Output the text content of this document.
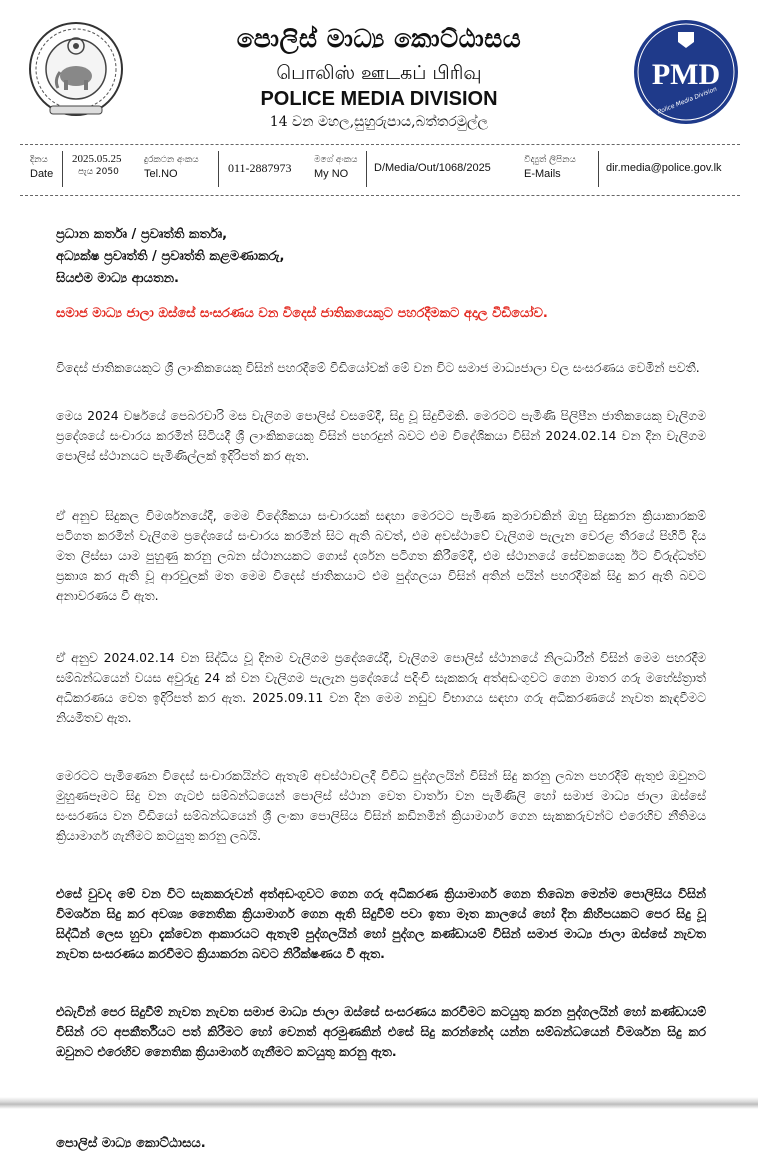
පොලිස් මාධ්‍ය කොට්ඨාසය
பொலிஸ் ஊடகப் பிரிவு
POLICE MEDIA DIVISION
14 වන මහල,සුහුරුපාය,බත්තරමුල්ල
PMD
Police Media Division
දිනය
Date
2025.05.25
පැය 2050
දුරකථන අංකය
Tel.NO	011-2887973
මගේ අංකය
My NO	D/Media/Out/1068/2025
විද්‍යුත් ලිපිනය
E-Mails	dir.media@police.gov.lk
ප්‍රධාන කර්තෘ / ප්‍රවෘත්ති කර්තෘ,
අධ්‍යක්ෂ ප්‍රවෘත්ති / ප්‍රවෘත්ති කළමණාකරු,
සියළුම මාධ්‍ය ආයතන.
සමාජ මාධ්‍ය ජාලා ඔස්සේ සංසරණය වන විදෙස් ජාතිකයෙකුට පහරදීමකට අදාල වීඩියෝව.
විදෙස් ජාතිකයෙකුට ශ්‍රී ලාංකිකයෙකු විසින් පහරදීමේ වීඩියෝවක් මේ වන විට සමාජ මාධ්‍යජාලා වල සංසරණය වෙමින් පවතී.
මෙය 2024 වර්ෂයේ පෙබරවාරි මස වැලිගම පොලිස් වසමේදී, සිදු වූ සිදුවීමකි. මෙරටට පැමිණි පිලිපීන ජාතිකයෙකු වැලිගම ප්‍රදේශයේ සංචාරය කරමින් සිටියදී ශ්‍රී ලාංකිකයෙකු විසින් පහරදුන් බවට එම විදේශිකයා විසින් 2024.02.14 වන දින වැලිගම පොලිස් ස්ථානයට පැමිණිල්ලක් ඉදිරිපත් කර ඇත.
ඒ අනුව සිදුකල විමර්ශනයේදී, මෙම විදේශිකයා සංචාරයක් සඳහා මෙරටට පැමිණ කුමරාවකින් ඔහු සිදුකරන ක්‍රියාකාරකම් පටිගත කරමින් වැලිගම ප්‍රදේශයේ සංචාරය කරමින් සිට ඇති බවත්, එම අවස්ථාවේ වැලිගම පැලැන වෙරළ තීරයේ පිහිටි දිය මත ලිස්සා යාම පුහුණු කරනු ලබන ස්ථානයකට ගොස් දර්ශන පටිගත කිරීමේදී, එම ස්ථානයේ සේවකයෙකු ඊට විරුද්ධත්ව ප්‍රකාශ කර ඇති වූ ආරවුලක් මත මෙම විදෙස් ජාතිකයාට එම පුද්ගලයා විසින් අතින් පයින් පහරදීමක් සිදු කර ඇති බවට අනාවරණය වී ඇත.
ඒ අනුව 2024.02.14 වන සිද්ධිය වූ දිනම වැලිගම ප්‍රදේශයේදී, වැලිගම පොලිස් ස්ථානයේ නිලධාරීන් විසින් මෙම පහරදීම සම්බන්ධයෙන් වයස අවුරුදු 24 ක් වන වැලිගම පැලැන ප්‍රදේශයේ පදිංචි සැකකරු අත්අඩංගුවට ගෙන මාතර ගරු මහේස්ත්‍රාත් අධිකරණය වෙත ඉදිරිපත් කර ඇත. 2025.09.11 වන දින මෙම නඩුව විභාගය සඳහා ගරු අධිකරණයේ නැවත කැඳවීමට නියමිතව ඇත.
මෙරටට පැමිණෙන විදෙස් සංචාරකයින්ට ඇතැම් අවස්ථාවලදී විවිධ පුද්ගලයින් විසින් සිදු කරනු ලබන පහරදීම් ඇතුළු ඔවුනට මුහුණපෑමට සිදු වන ගැටළු සම්බන්ධයෙන් පොලිස් ස්ථාන වෙත වාර්තා වන පැමිණිලි හෝ සමාජ මාධ්‍ය ජාලා ඔස්සේ සංසරණය වන වීඩියෝ සම්බන්ධයෙන් ශ්‍රී ලංකා පොලිසිය විසින් කඩිනමින් ක්‍රියාමාර්ග ගෙන සැකකරුවන්ට එරෙහිව නීතිමය ක්‍රියාමාර්ග ගැනීමට කටයුතු කරනු ලබයි.
එසේ වුවද මේ වන විට සැකකරුවන් අත්අඩංගුවට ගෙන ගරු අධිකරණ ක්‍රියාමාර්ග ගෙන තිබෙන මෙන්ම පොලිසිය විසින් විමර්ශන සිදු කර අවශ්‍ය නෛතික ක්‍රියාමාර්ග ගෙන ඇති සිදුවීම් පවා ඉතා මෑත කාලයේ හෝ දින කිහිපයකට පෙර සිදු වූ සිද්ධීන් ලෙස හුවා දැක්වෙන ආකාරයට ඇතැම් පුද්ගලයින් හෝ පුද්ගල කණ්ඩායම් විසින් සමාජ මාධ්‍ය ජාලා ඔස්සේ නැවත නැවත සංසරණය කරවීමට ක්‍රියාකරන බවට නිරීක්ෂණය වී ඇත.
එබැවින් පෙර සිදුවීම් නැවත නැවත සමාජ මාධ්‍ය ජාලා ඔස්සේ සංසරණය කරවීමට කටයුතු කරන පුද්ගලයින් හෝ කණ්ඩායම් විසින් රට අපකීර්තියට පත් කිරීමට හෝ වෙනත් අරමුණකින් එසේ සිදු කරන්නේද යන්න සම්බන්ධයෙන් විමර්ශන සිදු කර ඔවුනට එරෙහිව නෛතික ක්‍රියාමාර්ග ගැනීමට කටයුතු කරනු ඇත.
පොලිස් මාධ්‍ය කොට්ඨාසය.
